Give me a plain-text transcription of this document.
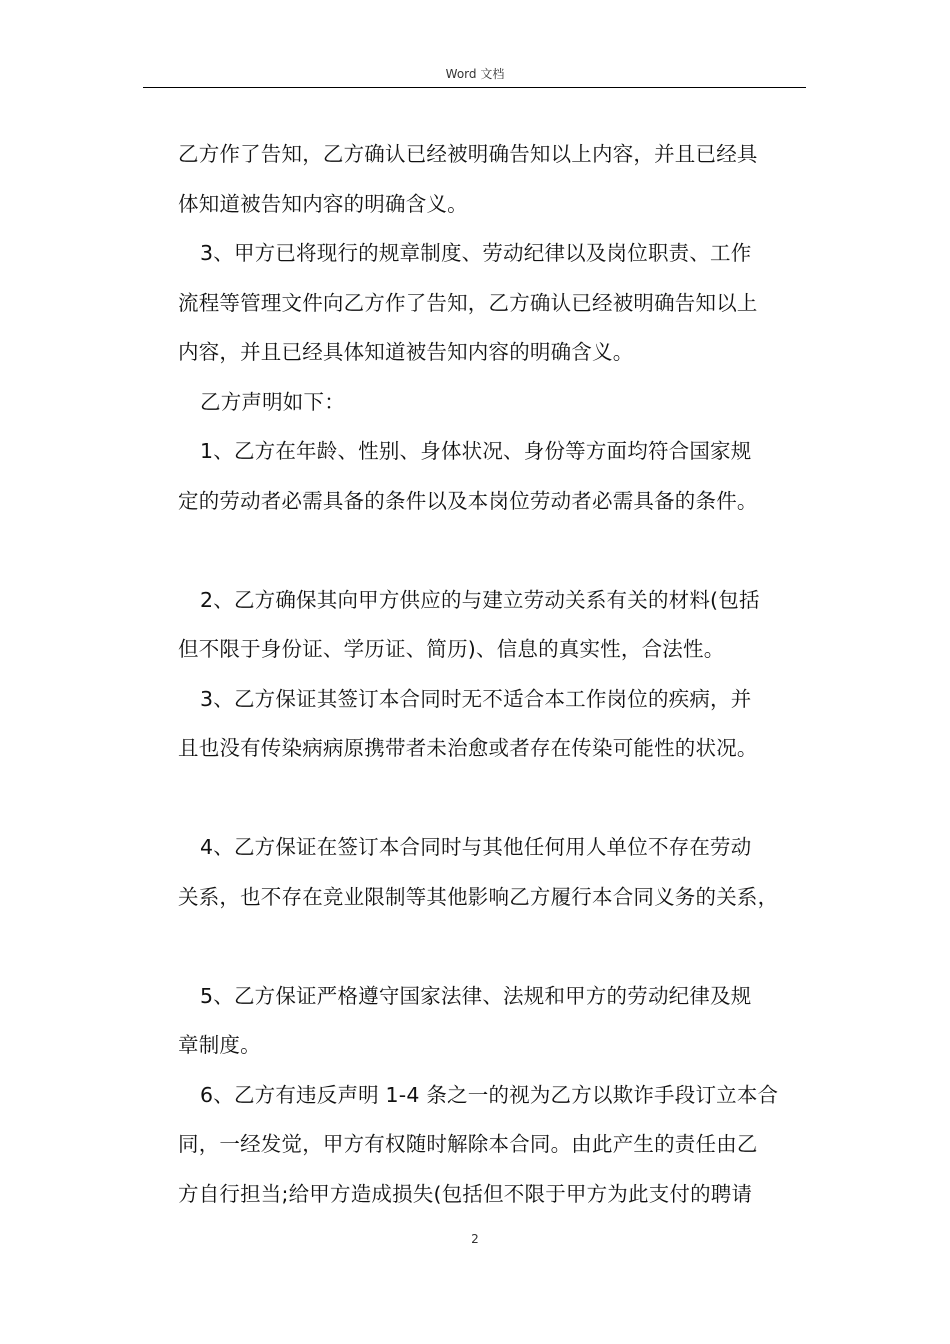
Word 文档
乙方作了告知，乙方确认已经被明确告知以上内容，并且已经具
体知道被告知内容的明确含义。
3、甲方已将现行的规章制度、劳动纪律以及岗位职责、工作
流程等管理文件向乙方作了告知，乙方确认已经被明确告知以上
内容，并且已经具体知道被告知内容的明确含义。
乙方声明如下：
1、乙方在年龄、性别、身体状况、身份等方面均符合国家规
定的劳动者必需具备的条件以及本岗位劳动者必需具备的条件。
2、乙方确保其向甲方供应的与建立劳动关系有关的材料(包括
但不限于身份证、学历证、简历)、信息的真实性，合法性。
3、乙方保证其签订本合同时无不适合本工作岗位的疾病，并
且也没有传染病病原携带者未治愈或者存在传染可能性的状况。
4、乙方保证在签订本合同时与其他任何用人单位不存在劳动
关系，也不存在竞业限制等其他影响乙方履行本合同义务的关系，
5、乙方保证严格遵守国家法律、法规和甲方的劳动纪律及规
章制度。
6、乙方有违反声明 1-4 条之一的视为乙方以欺诈手段订立本合
同，一经发觉，甲方有权随时解除本合同。由此产生的责任由乙
方自行担当;给甲方造成损失(包括但不限于甲方为此支付的聘请
2
